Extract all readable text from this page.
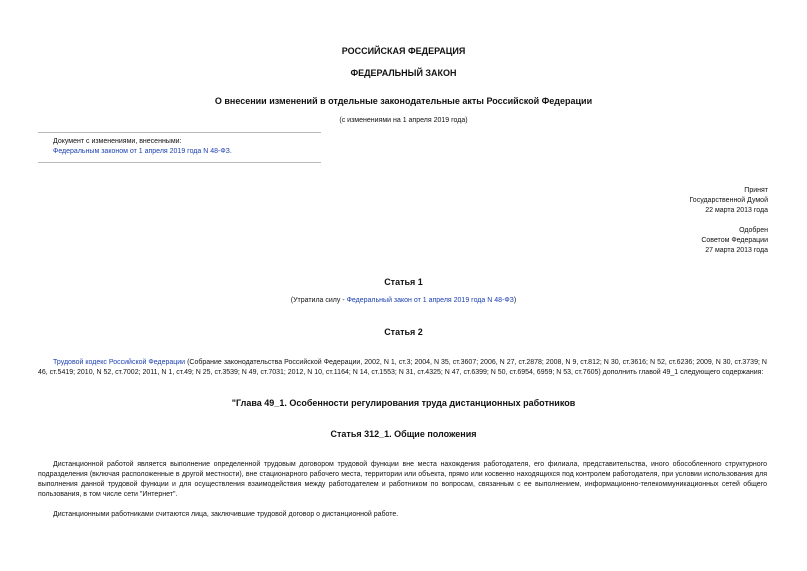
РОССИЙСКАЯ ФЕДЕРАЦИЯ
ФЕДЕРАЛЬНЫЙ ЗАКОН
О внесении изменений в отдельные законодательные акты Российской Федерации
(с изменениями на 1 апреля 2019 года)
Документ с изменениями, внесенными:
Федеральным законом от 1 апреля 2019 года N 48-ФЗ.
Принят
Государственной Думой
22 марта 2013 года
Одобрен
Советом Федерации
27 марта 2013 года
Статья 1
(Утратила силу - Федеральный закон от 1 апреля 2019 года N 48-ФЗ)
Статья 2
Трудовой кодекс Российской Федерации (Собрание законодательства Российской Федерации, 2002, N 1, ст.3; 2004, N 35, ст.3607; 2006, N 27, ст.2878; 2008, N 9, ст.812; N 30, ст.3616; N 52, ст.6236; 2009, N 30, ст.3739; N 46, ст.5419; 2010, N 52, ст.7002; 2011, N 1, ст.49; N 25, ст.3539; N 49, ст.7031; 2012, N 10, ст.1164; N 14, ст.1553; N 31, ст.4325; N 47, ст.6399; N 50, ст.6954, 6959; N 53, ст.7605) дополнить главой 49_1 следующего содержания:
"Глава 49_1. Особенности регулирования труда дистанционных работников
Статья 312_1. Общие положения
Дистанционной работой является выполнение определенной трудовым договором трудовой функции вне места нахождения работодателя, его филиала, представительства, иного обособленного структурного подразделения (включая расположенные в другой местности), вне стационарного рабочего места, территории или объекта, прямо или косвенно находящихся под контролем работодателя, при условии использования для выполнения данной трудовой функции и для осуществления взаимодействия между работодателем и работником по вопросам, связанным с ее выполнением, информационно-телекоммуникационных сетей общего пользования, в том числе сети "Интернет".
Дистанционными работниками считаются лица, заключившие трудовой договор о дистанционной работе.
